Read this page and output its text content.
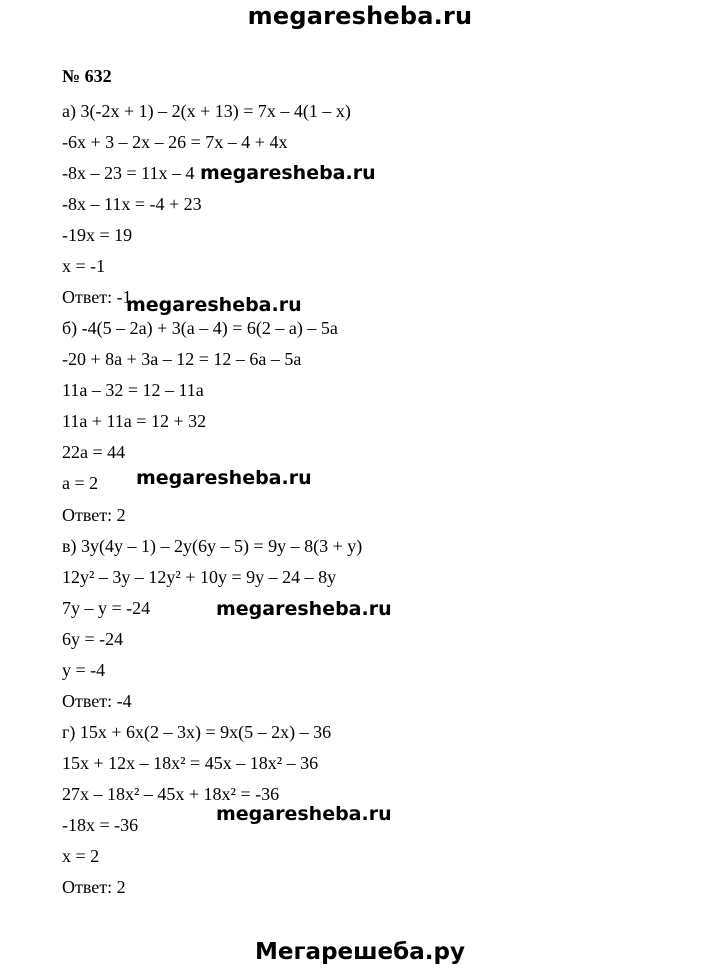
megaresheba.ru
№ 632
а) 3(-2x + 1) – 2(x + 13) = 7x – 4(1 – x)
-6x + 3 – 2x – 26 = 7x – 4 + 4x
-8x – 23 = 11x – 4
-8x – 11x = -4 + 23
-19x = 19
x = -1
Ответ: -1
б) -4(5 – 2a) + 3(a – 4) = 6(2 – a) – 5a
-20 + 8a + 3a – 12 = 12 – 6a – 5a
11a – 32 = 12 – 11a
11a + 11a = 12 + 32
22a = 44
a = 2
Ответ: 2
в) 3y(4y – 1) – 2y(6y – 5) = 9y – 8(3 + y)
12y² – 3y – 12y² + 10y = 9y – 24 – 8y
7y – y = -24
6y = -24
y = -4
Ответ: -4
г) 15x + 6x(2 – 3x) = 9x(5 – 2x) – 36
15x + 12x – 18x² = 45x – 18x² – 36
27x – 18x² – 45x + 18x² = -36
-18x = -36
x = 2
Ответ: 2
megaresheba.ru
megaresheba.ru
megaresheba.ru
megaresheba.ru
megaresheba.ru
Мегарешеба.ру
